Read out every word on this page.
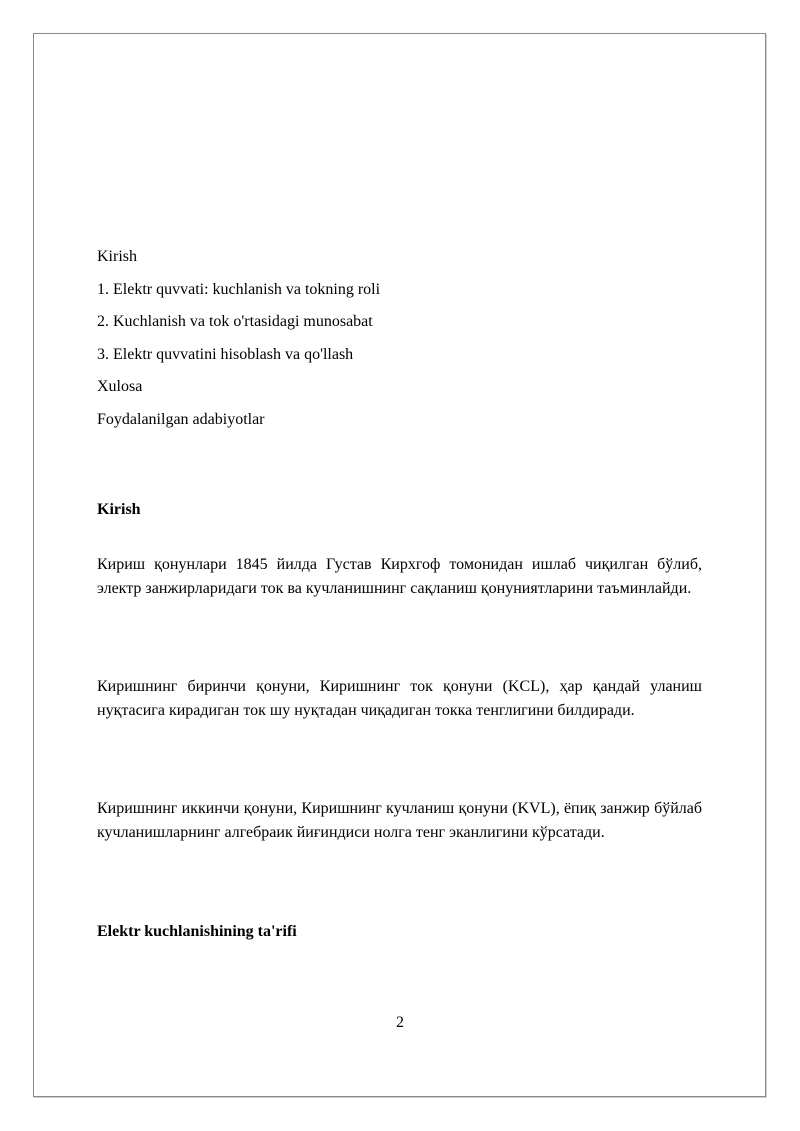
Kirish
1. Elektr quvvati: kuchlanish va tokning roli
2. Kuchlanish va tok o'rtasidagi munosabat
3. Elektr quvvatini hisoblash va qo'llash
Xulosa
Foydalanilgan adabiyotlar
Kirish

Кириш қонунлари 1845 йилда Густав Кирхгоф томонидан ишлаб чиқилган бўлиб, электр занжирларидаги ток ва кучланишнинг сақланиш қонуниятларини таъминлайди.

Киришнинг биринчи қонуни, Киришнинг ток қонуни (KCL), ҳар қандай уланиш нуқтасига кирадиган ток шу нуқтадан чиқадиган токка тенглигини билдиради.

Киришнинг иккинчи қонуни, Киришнинг кучланиш қонуни (KVL), ёпиқ занжир бўйлаб кучланишларнинг алгебраик йиғиндиси нолга тенг эканлигини кўрсатади.

Elektr kuchlanishining ta'rifi
2
